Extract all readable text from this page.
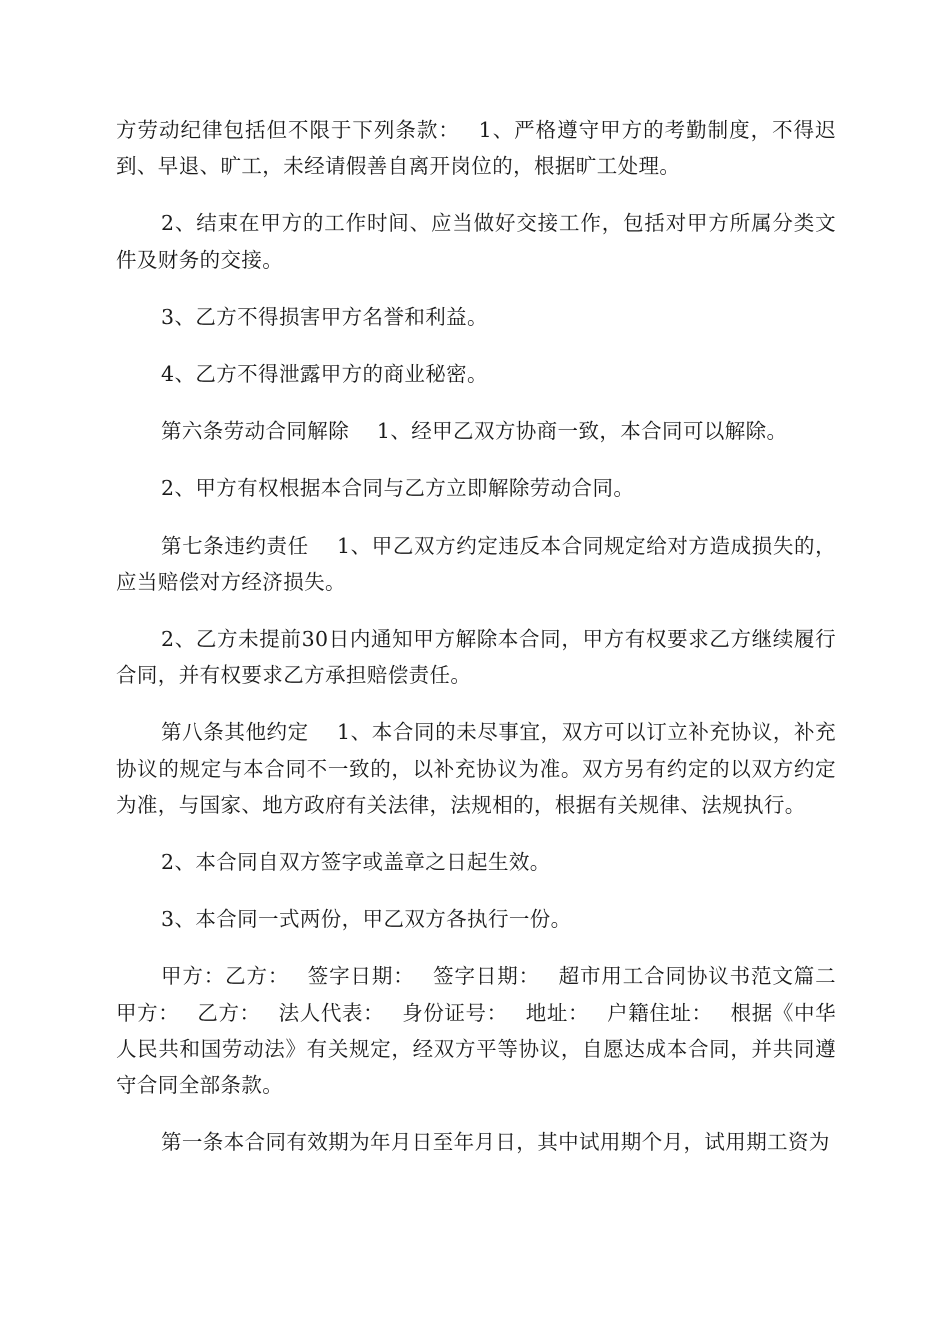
方劳动纪律包括但不限于下列条款：　 1、严格遵守甲方的考勤制度，不得迟到、早退、旷工，未经请假善自离开岗位的，根据旷工处理。

2、结束在甲方的工作时间、应当做好交接工作，包括对甲方所属分类文件及财务的交接。

3、乙方不得损害甲方名誉和利益。

4、乙方不得泄露甲方的商业秘密。

第六条劳动合同解除　 1、经甲乙双方协商一致，本合同可以解除。

2、甲方有权根据本合同与乙方立即解除劳动合同。

第七条违约责任　 1、甲乙双方约定违反本合同规定给对方造成损失的，应当赔偿对方经济损失。

2、乙方未提前30日内通知甲方解除本合同，甲方有权要求乙方继续履行合同，并有权要求乙方承担赔偿责任。

第八条其他约定　 1、本合同的未尽事宜，双方可以订立补充协议，补充协议的规定与本合同不一致的，以补充协议为准。双方另有约定的以双方约定为准，与国家、地方政府有关法律，法规相的，根据有关规律、法规执行。

2、本合同自双方签字或盖章之日起生效。

3、本合同一式两份，甲乙双方各执行一份。

甲方：乙方：　 签字日期：　 签字日期：　 超市用工合同协议书范文篇二　 甲方：　 乙方：　 法人代表：　 身份证号：　 地址：　 户籍住址：　 根据《中华人民共和国劳动法》有关规定，经双方平等协议，自愿达成本合同，并共同遵守合同全部条款。

第一条本合同有效期为年月日至年月日，其中试用期个月，试用期工资为
